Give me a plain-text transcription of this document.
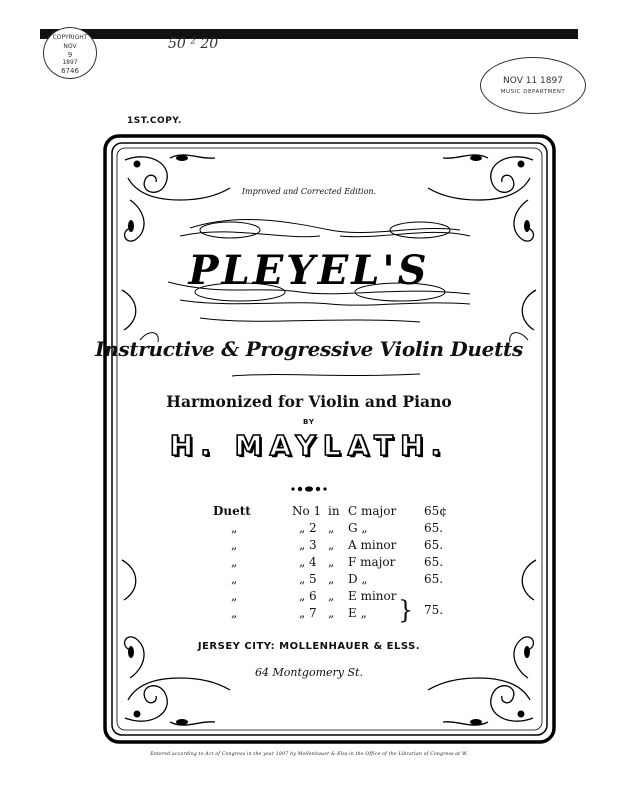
COPYRIGHT
NOV
9
1897
6746
50 ² 20
NOV 11 1897
MUSIC DEPARTMENT
1ST.COPY.
Improved and Corrected Edition.
PLEYEL'S
Instructive & Progressive Violin Duetts
Harmonized for Violin and Piano
BY
H. MAYLATH.
Duett	No 1 in C major 65¢
„	„ 2 „ G „	65.
„	„ 3 „ A minor 65.
„	„ 4 „ F major 65.
„	„ 5 „ D „	65.
„	„ 6 „ E minor
„	„ 7 „ E „	75.
}
JERSEY CITY: MOLLENHAUER & ELSS.
64 Montgomery St.
Entered according to Act of Congress in the year 1897 by Mollenhauer & Elss in the Office of the Librarian of Congress at W.
